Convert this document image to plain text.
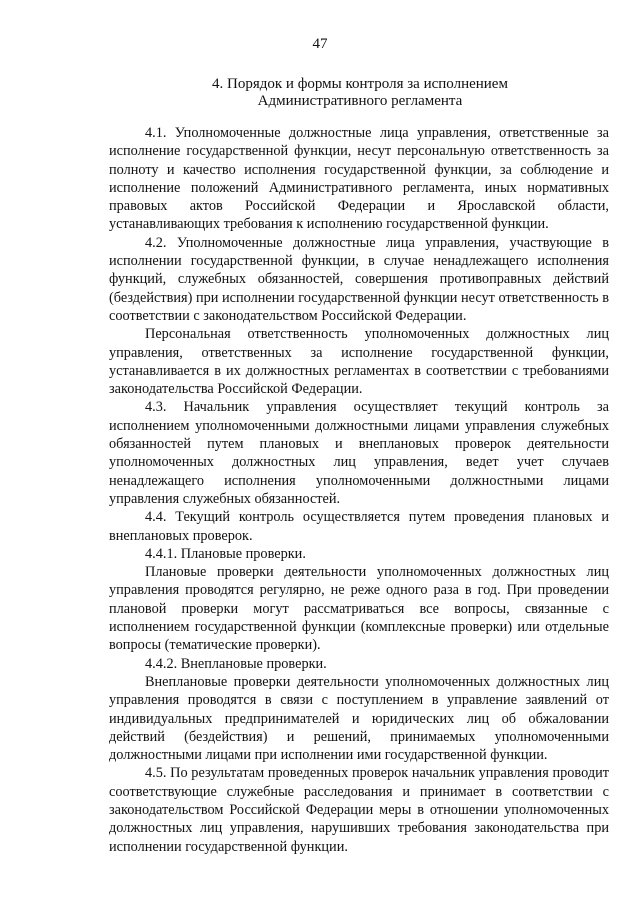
47
4. Порядок и формы контроля за исполнением
Административного регламента

4.1. Уполномоченные должностные лица управления, ответственные за исполнение государственной функции, несут персональную ответственность за полноту и качество исполнения государственной функции, за соблюдение и исполнение положений Административного регламента, иных нормативных правовых актов Российской Федерации и Ярославской области, устанавливающих требования к исполнению государственной функции.

4.2. Уполномоченные должностные лица управления, участвующие в исполнении государственной функции, в случае ненадлежащего исполнения функций, служебных обязанностей, совершения противоправных действий (бездействия) при исполнении государственной функции несут ответственность в соответствии с законодательством Российской Федерации.

Персональная ответственность уполномоченных должностных лиц управления, ответственных за исполнение государственной функции, устанавливается в их должностных регламентах в соответствии с требованиями законодательства Российской Федерации.

4.3. Начальник управления осуществляет текущий контроль за исполнением уполномоченными должностными лицами управления служебных обязанностей путем плановых и внеплановых проверок деятельности уполномоченных должностных лиц управления, ведет учет случаев ненадлежащего исполнения уполномоченными должностными лицами управления служебных обязанностей.

4.4. Текущий контроль осуществляется путем проведения плановых и внеплановых проверок.

4.4.1. Плановые проверки.

Плановые проверки деятельности уполномоченных должностных лиц управления проводятся регулярно, не реже одного раза в год. При проведении плановой проверки могут рассматриваться все вопросы, связанные с исполнением государственной функции (комплексные проверки) или отдельные вопросы (тематические проверки).

4.4.2. Внеплановые проверки.

Внеплановые проверки деятельности уполномоченных должностных лиц управления проводятся в связи с поступлением в управление заявлений от индивидуальных предпринимателей и юридических лиц об обжаловании действий (бездействия) и решений, принимаемых уполномоченными должностными лицами при исполнении ими государственной функции.

4.5. По результатам проведенных проверок начальник управления проводит соответствующие служебные расследования и принимает в соответствии с законодательством Российской Федерации меры в отношении уполномоченных должностных лиц управления, нарушивших требования законодательства при исполнении государственной функции.
